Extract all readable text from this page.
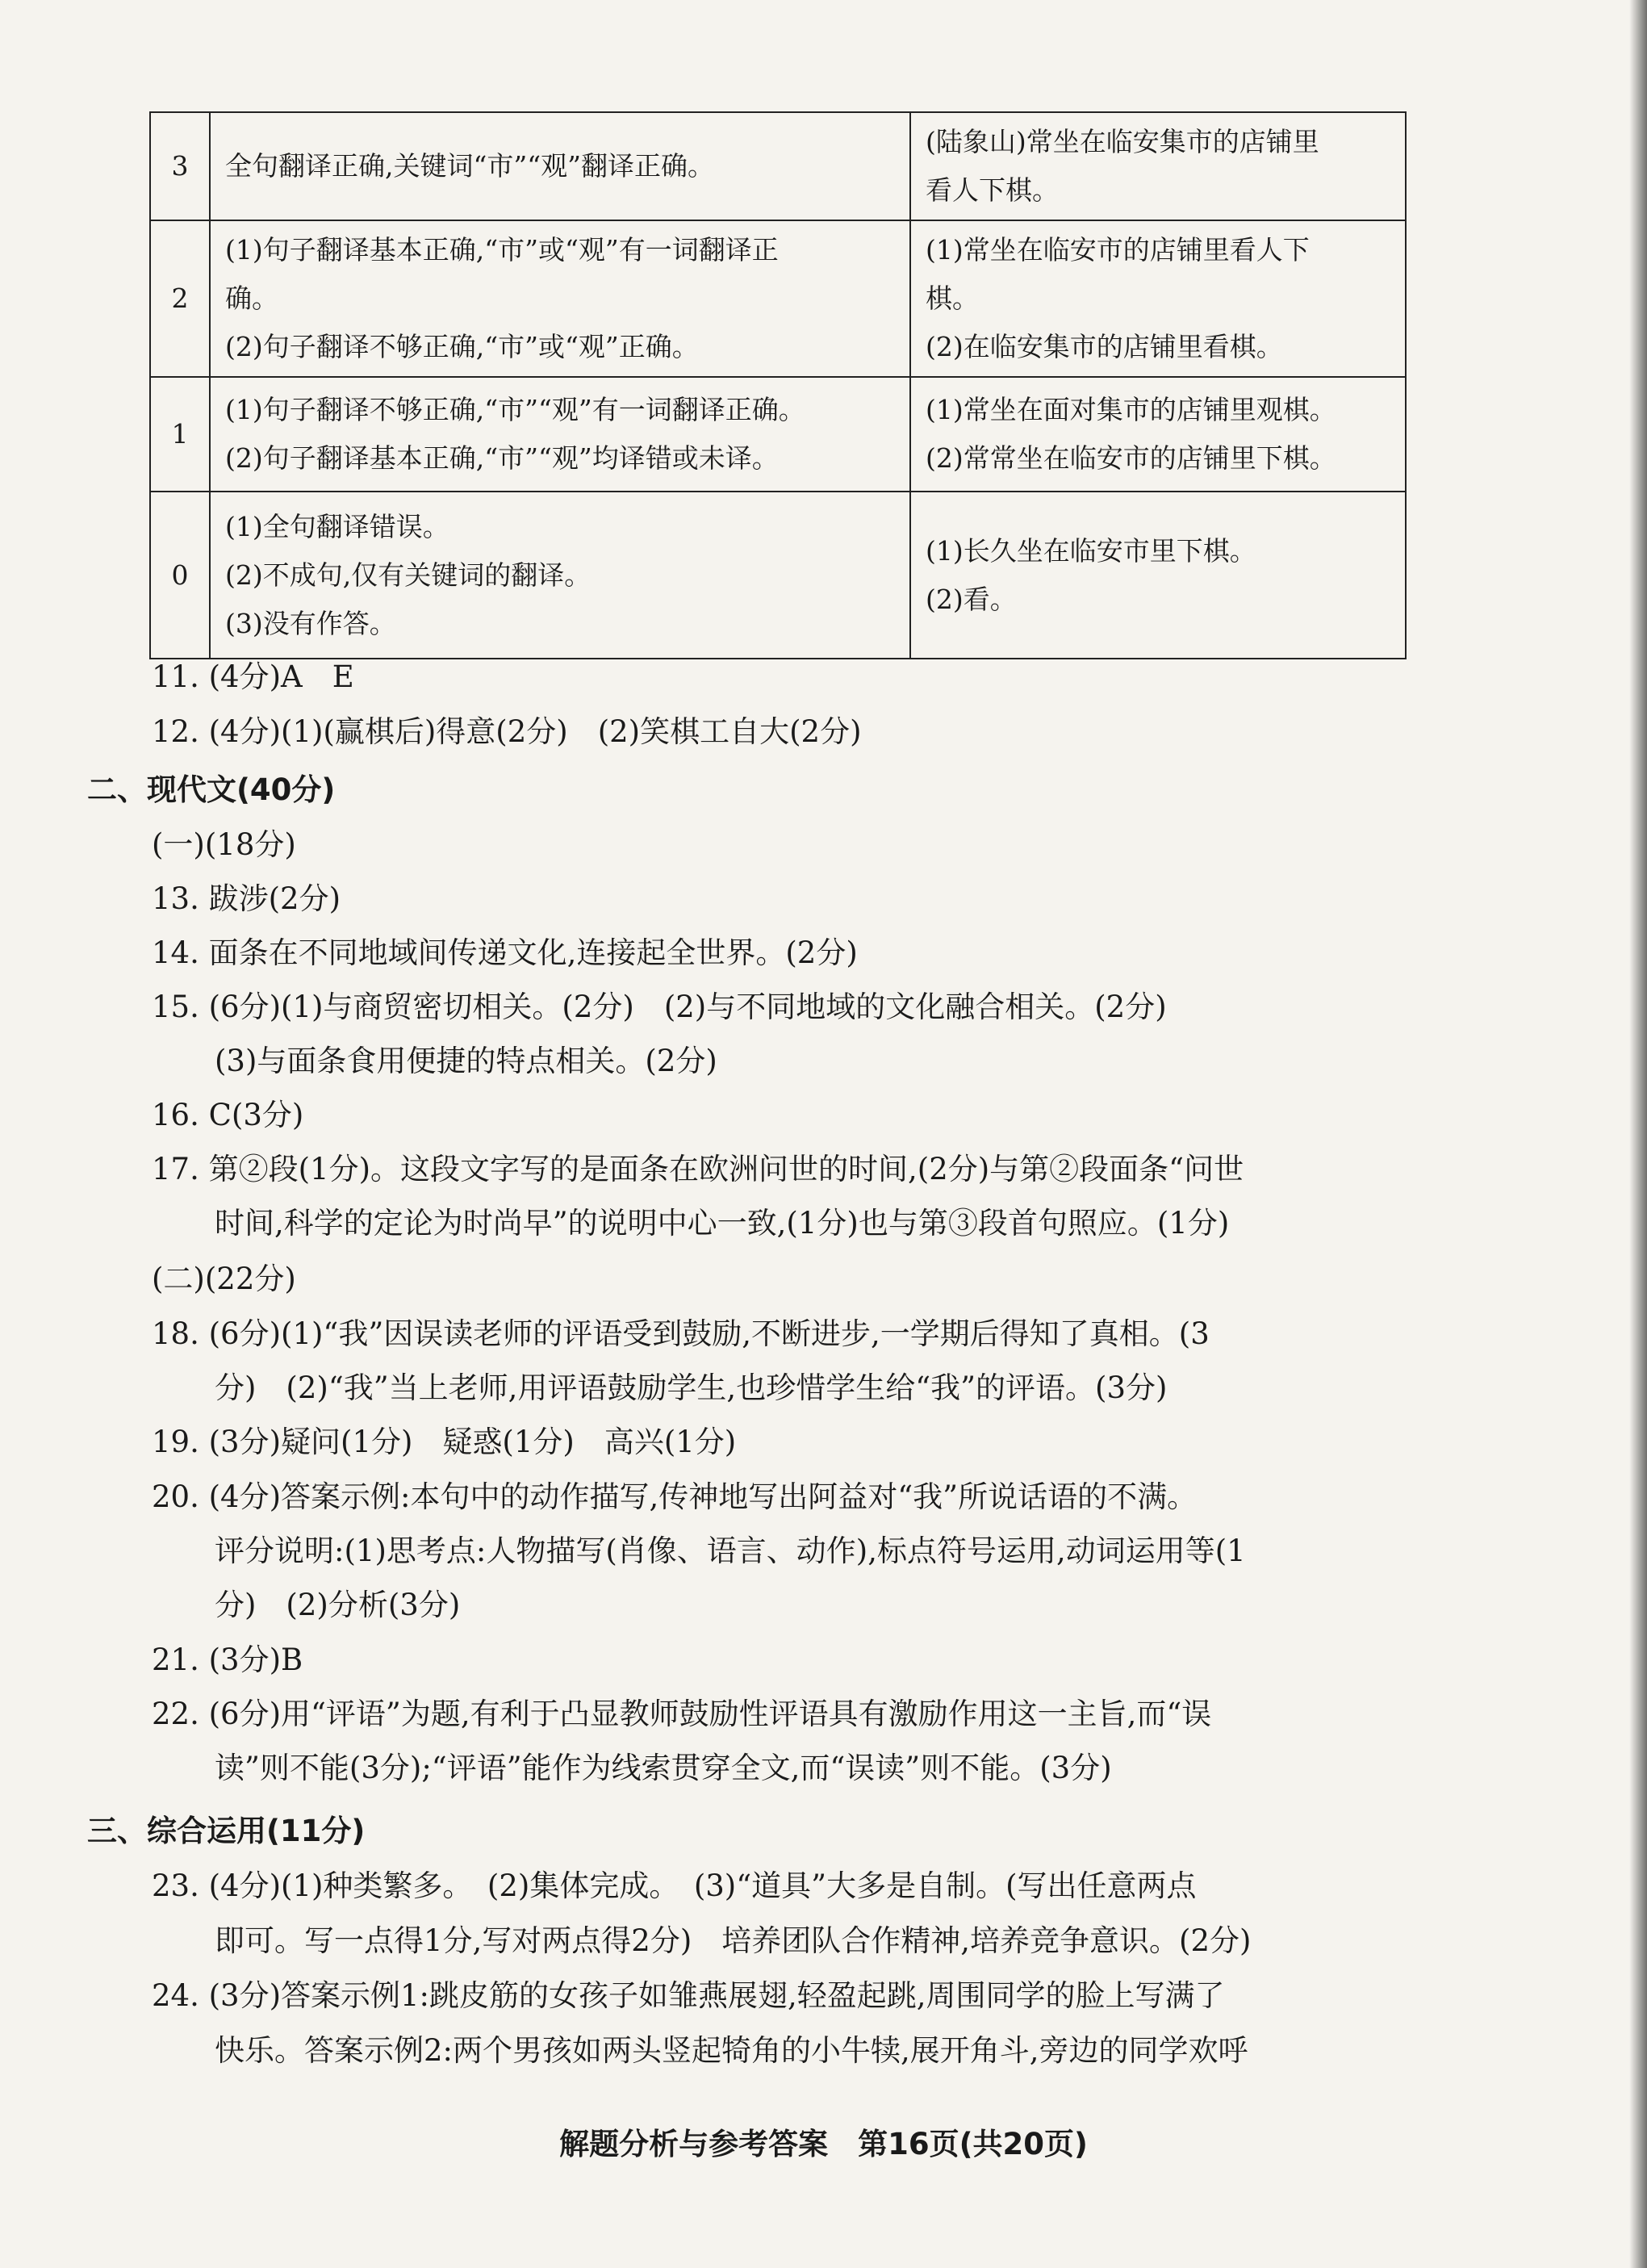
3	全句翻译正确,关键词“市”“观”翻译正确。	(陆象山)常坐在临安集市的店铺里
看人下棋。

2	(1)句子翻译基本正确,“市”或“观”有一词翻译正
确。
(2)句子翻译不够正确,“市”或“观”正确。	(1)常坐在临安市的店铺里看人下
棋。
(2)在临安集市的店铺里看棋。

1	(1)句子翻译不够正确,“市”“观”有一词翻译正确。
(2)句子翻译基本正确,“市”“观”均译错或未译。	(1)常坐在面对集市的店铺里观棋。
(2)常常坐在临安市的店铺里下棋。

0	(1)全句翻译错误。
(2)不成句,仅有关键词的翻译。
(3)没有作答。	(1)长久坐在临安市里下棋。
(2)看。
11. (4分)A　E
12. (4分)(1)(赢棋后)得意(2分)　(2)笑棋工自大(2分)
二、现代文(40分)
(一)(18分)
13. 跋涉(2分)
14. 面条在不同地域间传递文化,连接起全世界。(2分)
15. (6分)(1)与商贸密切相关。(2分)　(2)与不同地域的文化融合相关。(2分)
(3)与面条食用便捷的特点相关。(2分)
16. C(3分)
17. 第②段(1分)。这段文字写的是面条在欧洲问世的时间,(2分)与第②段面条“问世
时间,科学的定论为时尚早”的说明中心一致,(1分)也与第③段首句照应。(1分)
(二)(22分)
18. (6分)(1)“我”因误读老师的评语受到鼓励,不断进步,一学期后得知了真相。(3
分)　(2)“我”当上老师,用评语鼓励学生,也珍惜学生给“我”的评语。(3分)
19. (3分)疑问(1分)　疑惑(1分)　高兴(1分)
20. (4分)答案示例:本句中的动作描写,传神地写出阿益对“我”所说话语的不满。
评分说明:(1)思考点:人物描写(肖像、语言、动作),标点符号运用,动词运用等(1
分)　(2)分析(3分)
21. (3分)B
22. (6分)用“评语”为题,有利于凸显教师鼓励性评语具有激励作用这一主旨,而“误
读”则不能(3分);“评语”能作为线索贯穿全文,而“误读”则不能。(3分)
三、综合运用(11分)
23. (4分)(1)种类繁多。　(2)集体完成。　(3)“道具”大多是自制。(写出任意两点
即可。写一点得1分,写对两点得2分)　培养团队合作精神,培养竞争意识。(2分)
24. (3分)答案示例1:跳皮筋的女孩子如雏燕展翅,轻盈起跳,周围同学的脸上写满了
快乐。答案示例2:两个男孩如两头竖起犄角的小牛犊,展开角斗,旁边的同学欢呼
解题分析与参考答案　第16页(共20页)
